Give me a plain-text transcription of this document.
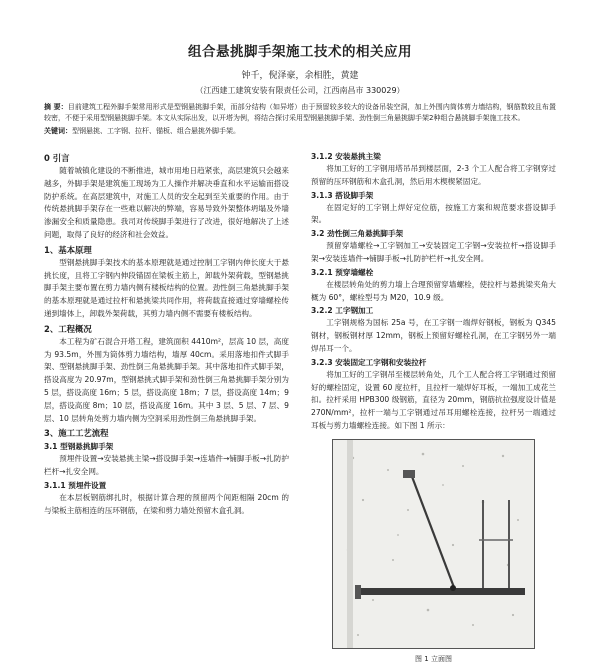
组合悬挑脚手架施工技术的相关应用
钟千，倪泽豪，余相胜，黄建
（江西建工建筑安装有限责任公司，江西南昌市 330029）
摘 要：目前建筑工程外脚手架常用形式是型钢悬挑脚手架，而部分结构（如异塔）由于预留较多较大的设备吊装空洞，加上外围内筒体剪力墙结构，钢筋数较且布置较密，不便于采用型钢悬挑脚手架。本文从实际出发，以开塔为例，将结合探讨采用型钢悬挑脚手架、劲性倒三角悬挑脚手架2种组合悬挑脚手架施工技术。
关键词：型钢悬挑、工字钢、拉杆、锚板、组合悬挑外脚手架。
0 引言

随着城镇化建设的不断推进，城市用地日趋紧张，高层建筑只会越来越多，外脚手架是建筑施工现场为工人操作并解决垂直和水平运输而搭设防护系统。在高层建筑中，对施工人员的安全起到至关重要的作用。由于传统悬挑脚手架存在一些难以解决的弊端，容易导致外架整体坍塌及外墙渗漏安全和质量隐患。我司对传统脚手架进行了改进，很好地解决了上述问题，取得了良好的经济和社会效益。

1、基本原理

型钢悬挑脚手架技术的基本原理就是通过控制工字钢内伸长度大于悬挑长度，且将工字钢内伸段锚固在梁板主筋上，卸载外架荷载，型钢悬挑脚手架主要布置在剪力墙内侧有楼板结构的位置。劲性倒三角悬挑脚手架的基本原理就是通过拉杆和悬挑梁共同作用，将荷载直接通过穿墙螺栓传递到墙体上，卸载外架荷载，其剪力墙内侧不需要有楼板结构。

2、工程概况

本工程为矿石混合开塔工程，建筑面积 4410m²，层高 10 层，高度为 93.5m，外围为筒体剪力墙结构，墙厚 40cm。采用落地扣件式脚手架、型钢悬挑脚手架、劲性倒三角悬挑脚手架。其中落地扣件式脚手架，搭设高度为 20.97m，型钢悬挑式脚手架和劲性倒三角悬挑脚手架分别为 5 层，搭设高度 16m；5 层，搭设高度 18m；7 层，搭设高度 14m；9 层，搭设高度 8m；10 层，搭设高度 16m。其中 3 层、5 层、7 层、9 层、10 层转角处剪力墙内侧为空洞采用劲性倒三角悬挑脚手架。

3、施工工艺流程
3.1 型钢悬挑脚手架

预埋件设置→安装悬挑主梁→搭设脚手架→连墙件→铺脚手板→扎防护栏杆→扎安全网。

3.1.1 预埋件设置

在本层板钢筋绑扎时，根据计算合理的预留两个间距相隔 20cm 的与梁板主筋相连的压环钢筋，在梁和剪力墙处预留木盒孔洞。

3.1.2 安装悬挑主梁

将加工好的工字钢用塔吊吊到楼层面，2-3 个工人配合将工字钢穿过预留的压环钢筋和木盒孔洞，然后用木楔楔紧固定。

3.1.3 搭设脚手架

在固定好的工字钢上焊好定位筋，按施工方案和规范要求搭设脚手架。

3.2 劲性倒三角悬挑脚手架

预留穿墙螺栓→工字钢加工→安装固定工字钢→安装拉杆→搭设脚手架→安装连墙件→铺脚手板→扎防护栏杆→扎安全网。

3.2.1 预穿墙螺栓

在楼层转角处的剪力墙上合理预留穿墙螺栓，使拉杆与悬挑梁夹角大概为 60°，螺栓型号为 M20，10.9 级。

3.2.2 工字钢加工

工字钢规格为国标 25a 号，在工字钢一端焊好钢板，钢板为 Q345 钢材，钢板钢材厚 12mm，钢板上预留好螺栓孔洞，在工字钢另外一端焊吊耳一个。

3.2.3 安装固定工字钢和安装拉杆

将加工好的工字钢吊至楼层转角处，几个工人配合将工字钢通过预留好的螺栓固定，设置 60 度拉杆，且拉杆一端焊好耳板，一端加工成花兰扣。拉杆采用 HPB300 级钢筋，直径为 20mm，钢筋抗拉强度设计值是 270N/mm²，拉杆一端与工字钢通过吊耳用螺栓连接，拉杆另一端通过耳板与剪力墙螺栓连接。如下图 1 所示：

图 1 立面图
